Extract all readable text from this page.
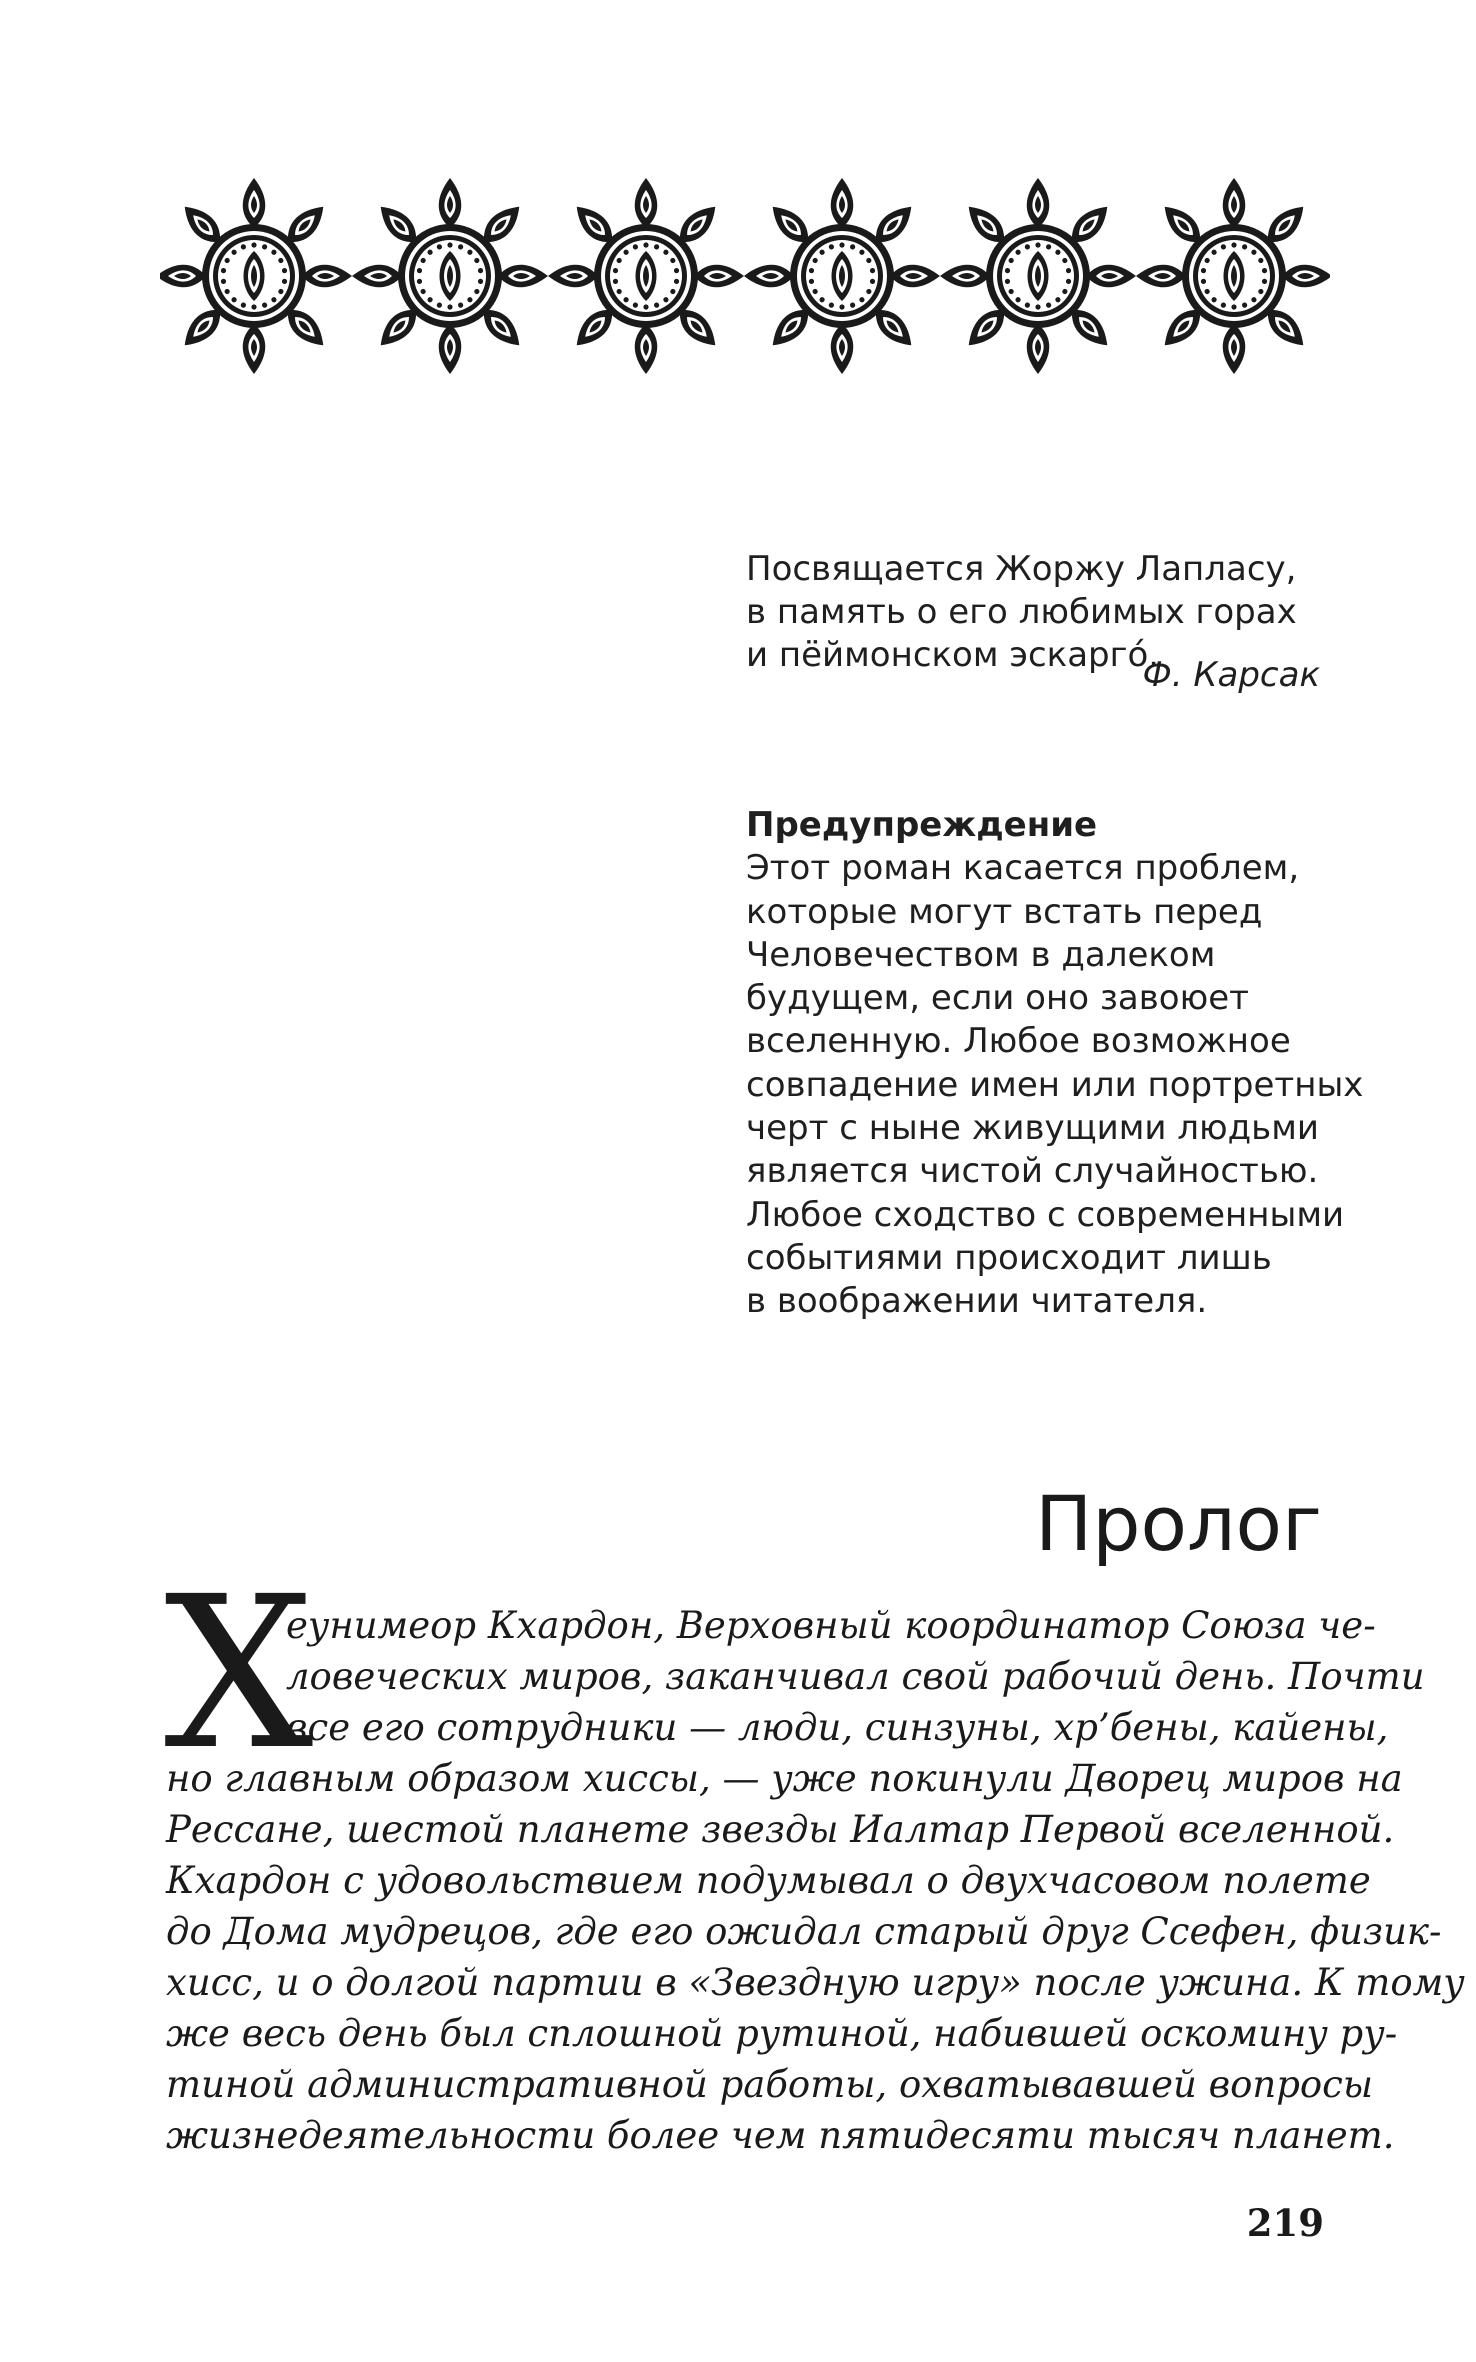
Посвящается Жоржу Лапласу,
в память о его любимых горах
и пёймонском эскарго́.
Ф. Карсак
Предупреждение
Этот роман касается проблем,
которые могут встать перед
Человечеством в далеком
будущем, если оно завоюет
вселенную. Любое возможное
совпадение имен или портретных
черт с ныне живущими людьми
является чистой случайностью.
Любое сходство с современными
событиями происходит лишь
в воображении читателя.
Пролог
Х
еунимеор Кхардон, Верховный координатор Союза че-
ловеческих миров, заканчивал свой рабочий день. Почти
все его сотрудники — люди, синзуны, хр’бены, кайены,
но главным образом хиссы, — уже покинули Дворец миров на
Рессане, шестой планете звезды Иалтар Первой вселенной.
Кхардон с удовольствием подумывал о двухчасовом полете
до Дома мудрецов, где его ожидал старый друг Ссефен, физик-
хисс, и о долгой партии в «Звездную игру» после ужина. К тому
же весь день был сплошной рутиной, набившей оскомину ру-
тиной административной работы, охватывавшей вопросы
жизнедеятельности более чем пятидесяти тысяч планет.
219
